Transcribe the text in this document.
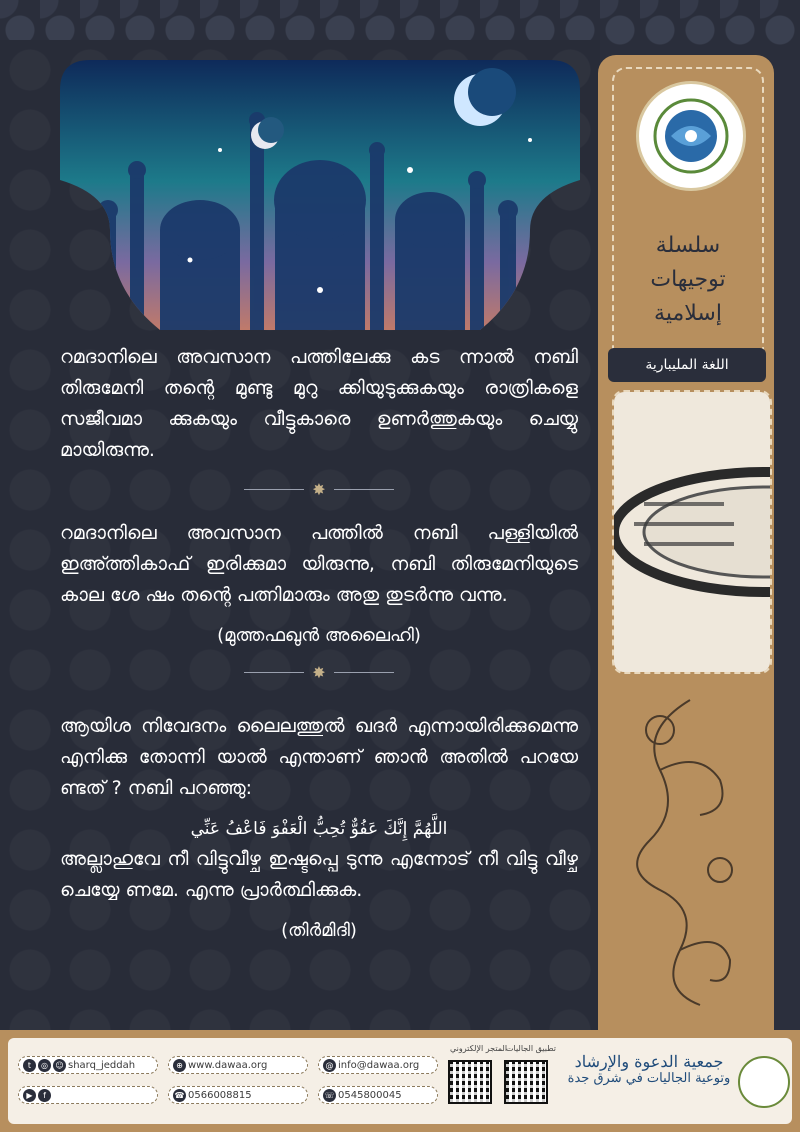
سلسلة
توجيهات
إسلامية
اللغة المليبارية

റമദാനിലെ അവസാന പത്തിലേക്കു കട ന്നാൽ നബി തിരുമേനി തന്റെ മുണ്ടു മുറു ക്കിയുടുക്കുകയും രാത്രികളെ സജീവമാ ക്കുകയും വീട്ടുകാരെ ഉണർത്തുകയും ചെയ്യു മായിരുന്നു.

✸

റമദാനിലെ അവസാന പത്തിൽ നബി പള്ളിയിൽ ഇഅ്ത്തികാഫ് ഇരിക്കുമാ യിരുന്നു, നബി തിരുമേനിയുടെ കാല ശേ ഷം തന്റെ പത്നിമാരും അതു തുടർന്നു വന്നു.

(മുത്തഫഖുൻ അലൈഹി)

✸

ആയിശ നിവേദനം ലൈലത്തുൽ ഖദർ എന്നായിരിക്കുമെന്നു എനിക്കു തോന്നി യാൽ എന്താണ് ഞാൻ അതിൽ പറയേ ണ്ടത് ? നബി പറഞ്ഞു:

اللَّهُمَّ إِنَّكَ عَفُوٌّ تُحِبُّ الْعَفْوَ فَاعْفُ عَنِّي

അല്ലാഹുവേ നീ വിട്ടുവീഴ്ച ഇഷ്ടപ്പെ ടുന്നു എന്നോട് നീ വിട്ടു വീഴ്ച ചെയ്യേ ണമേ. എന്നു പ്രാർത്ഥിക്കുക.

(തിർമിദി)

t	◎ ☺ sharq_jeddah
▶	f
⊕ www.dawaa.org
☎ 0566008815
@ info@dawaa.org
☏ 0545800045
المتجر الإلكتروني
تطبيق الجاليات
جمعية الدعوة والإرشاد
وتوعية الجاليات في شرق جدة
